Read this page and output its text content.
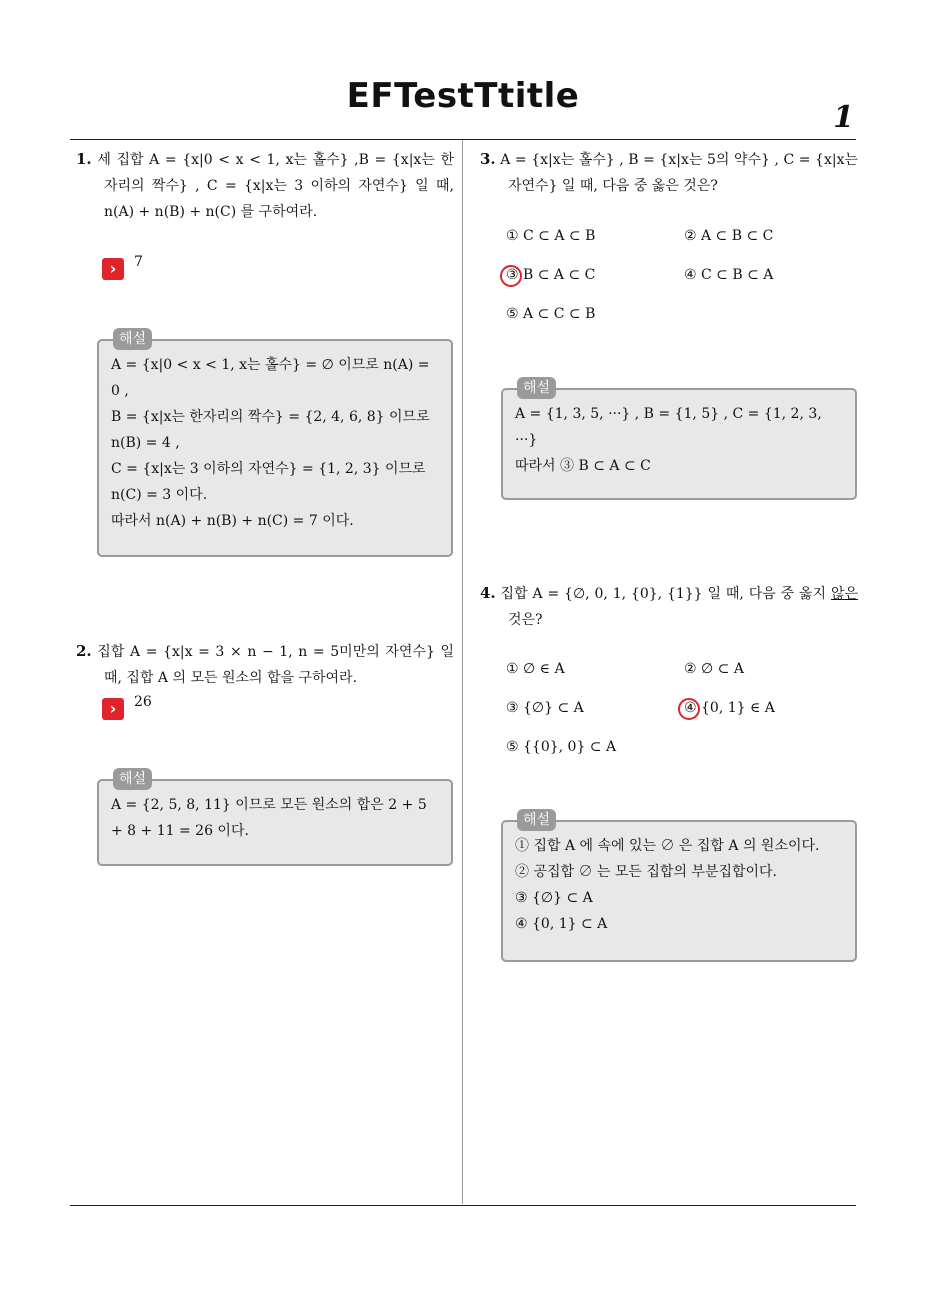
EFTestTtitle
1
1. 세 집합 A = {x|0 < x < 1, x는 홀수} ,B = {x|x는 한 자리의 짝수} , C = {x|x는 3 이하의 자연수} 일 때, n(A) + n(B) + n(C) 를 구하여라.
› 7
해설
A = {x|0 < x < 1, x는 홀수} = ∅ 이므로 n(A) = 0 ,
B = {x|x는 한자리의 짝수} = {2, 4, 6, 8} 이므로 n(B) = 4 ,
C = {x|x는 3 이하의 자연수} = {1, 2, 3} 이므로 n(C) = 3 이다.
따라서 n(A) + n(B) + n(C) = 7 이다.
2. 집합 A = {x|x = 3 × n − 1, n = 5미만의 자연수} 일 때, 집합 A 의 모든 원소의 합을 구하여라.
› 26
해설
A = {2, 5, 8, 11} 이므로 모든 원소의 합은 2 + 5 + 8 + 11 = 26 이다.
3. A = {x|x는 홀수} , B = {x|x는 5의 약수} , C = {x|x는 자연수} 일 때, 다음 중 옳은 것은?
① C ⊂ A ⊂ B	② A ⊂ B ⊂ C
③ B ⊂ A ⊂ C	④ C ⊂ B ⊂ A
⑤ A ⊂ C ⊂ B
해설
A = {1, 3, 5, ···} , B = {1, 5} , C = {1, 2, 3, ···}
따라서 ③ B ⊂ A ⊂ C
4. 집합 A = {∅, 0, 1, {0}, {1}} 일 때, 다음 중 옳지 않은 것은?
① ∅ ∈ A	② ∅ ⊂ A
③ {∅} ⊂ A	④ {0, 1} ∈ A
⑤ {{0}, 0} ⊂ A
해설
① 집합 A 에 속에 있는 ∅ 은 집합 A 의 원소이다.
② 공집합 ∅ 는 모든 집합의 부분집합이다.
③ {∅} ⊂ A
④ {0, 1} ⊂ A
